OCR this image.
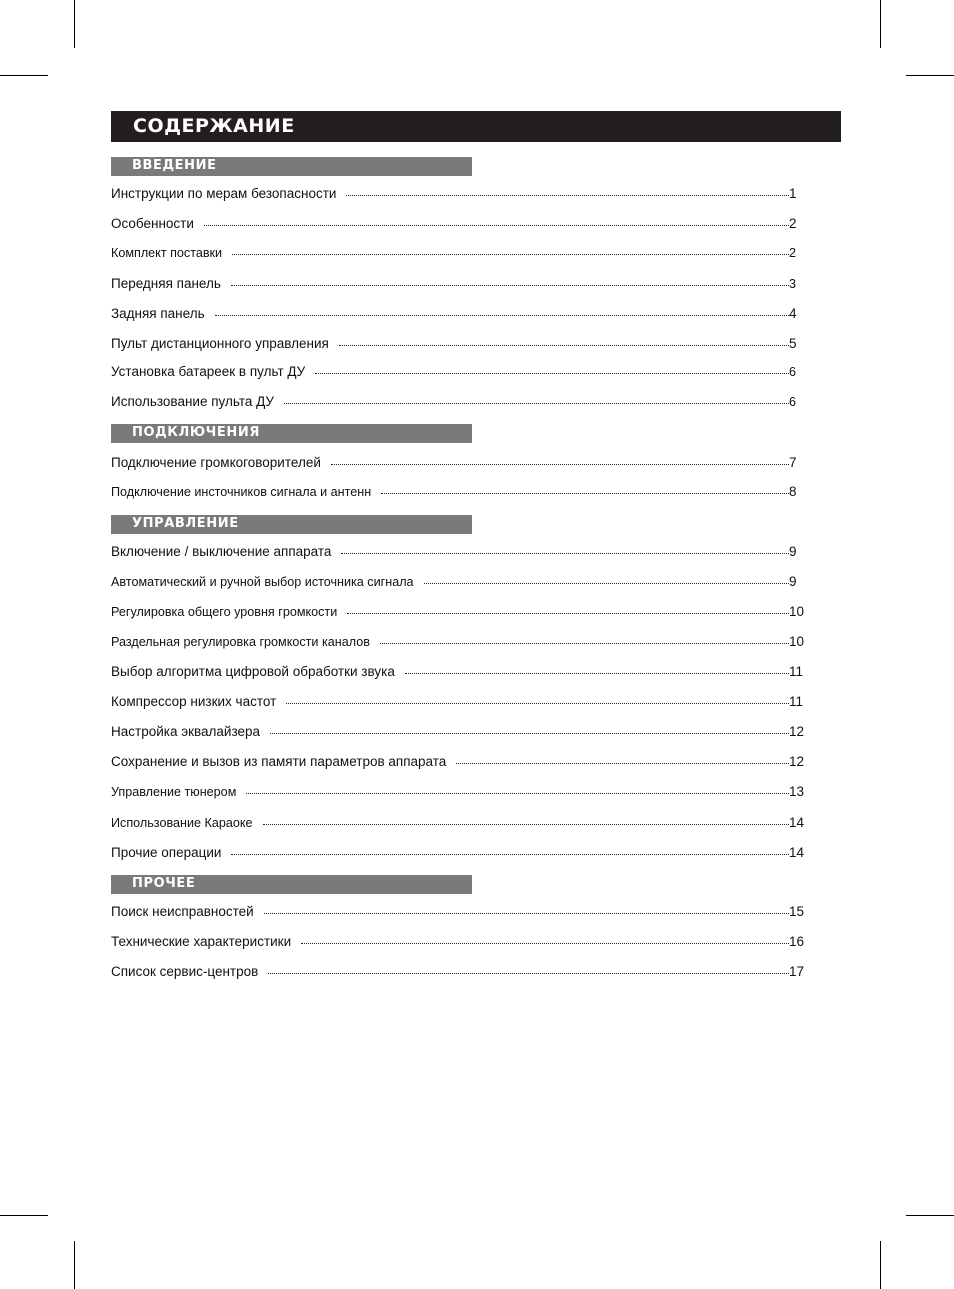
СОДЕРЖАНИЕ
ВВЕДЕНИЕ
Инструкции по мерам безопасности	1
Особенности	2
Комплект поставки	2
Передняя панель	3
Задняя панель	4
Пульт дистанционного управления	5
Установка батареек в пульт ДУ	6
Использование пульта ДУ	6
ПОДКЛЮЧЕНИЯ
Подключение громкоговорителей	7
Подключение инсточников сигнала и антенн	8
УПРАВЛЕНИЕ
Включение / выключение аппарата	9
Автоматический и ручной выбор источника сигнала	9
Регулировка общего уровня громкости	10
Раздельная регулировка громкости каналов	10
Выбор алгоритма цифровой обработки звука	11
Компрессор низких частот	11
Настройка эквалайзера	12
Сохранение и вызов из памяти параметров аппарата	12
Управление тюнером	13
Использование Караоке	14
Прочие операции	14
ПРОЧЕЕ
Поиск неисправностей	15
Технические характеристики	16
Список сервис-центров	17
